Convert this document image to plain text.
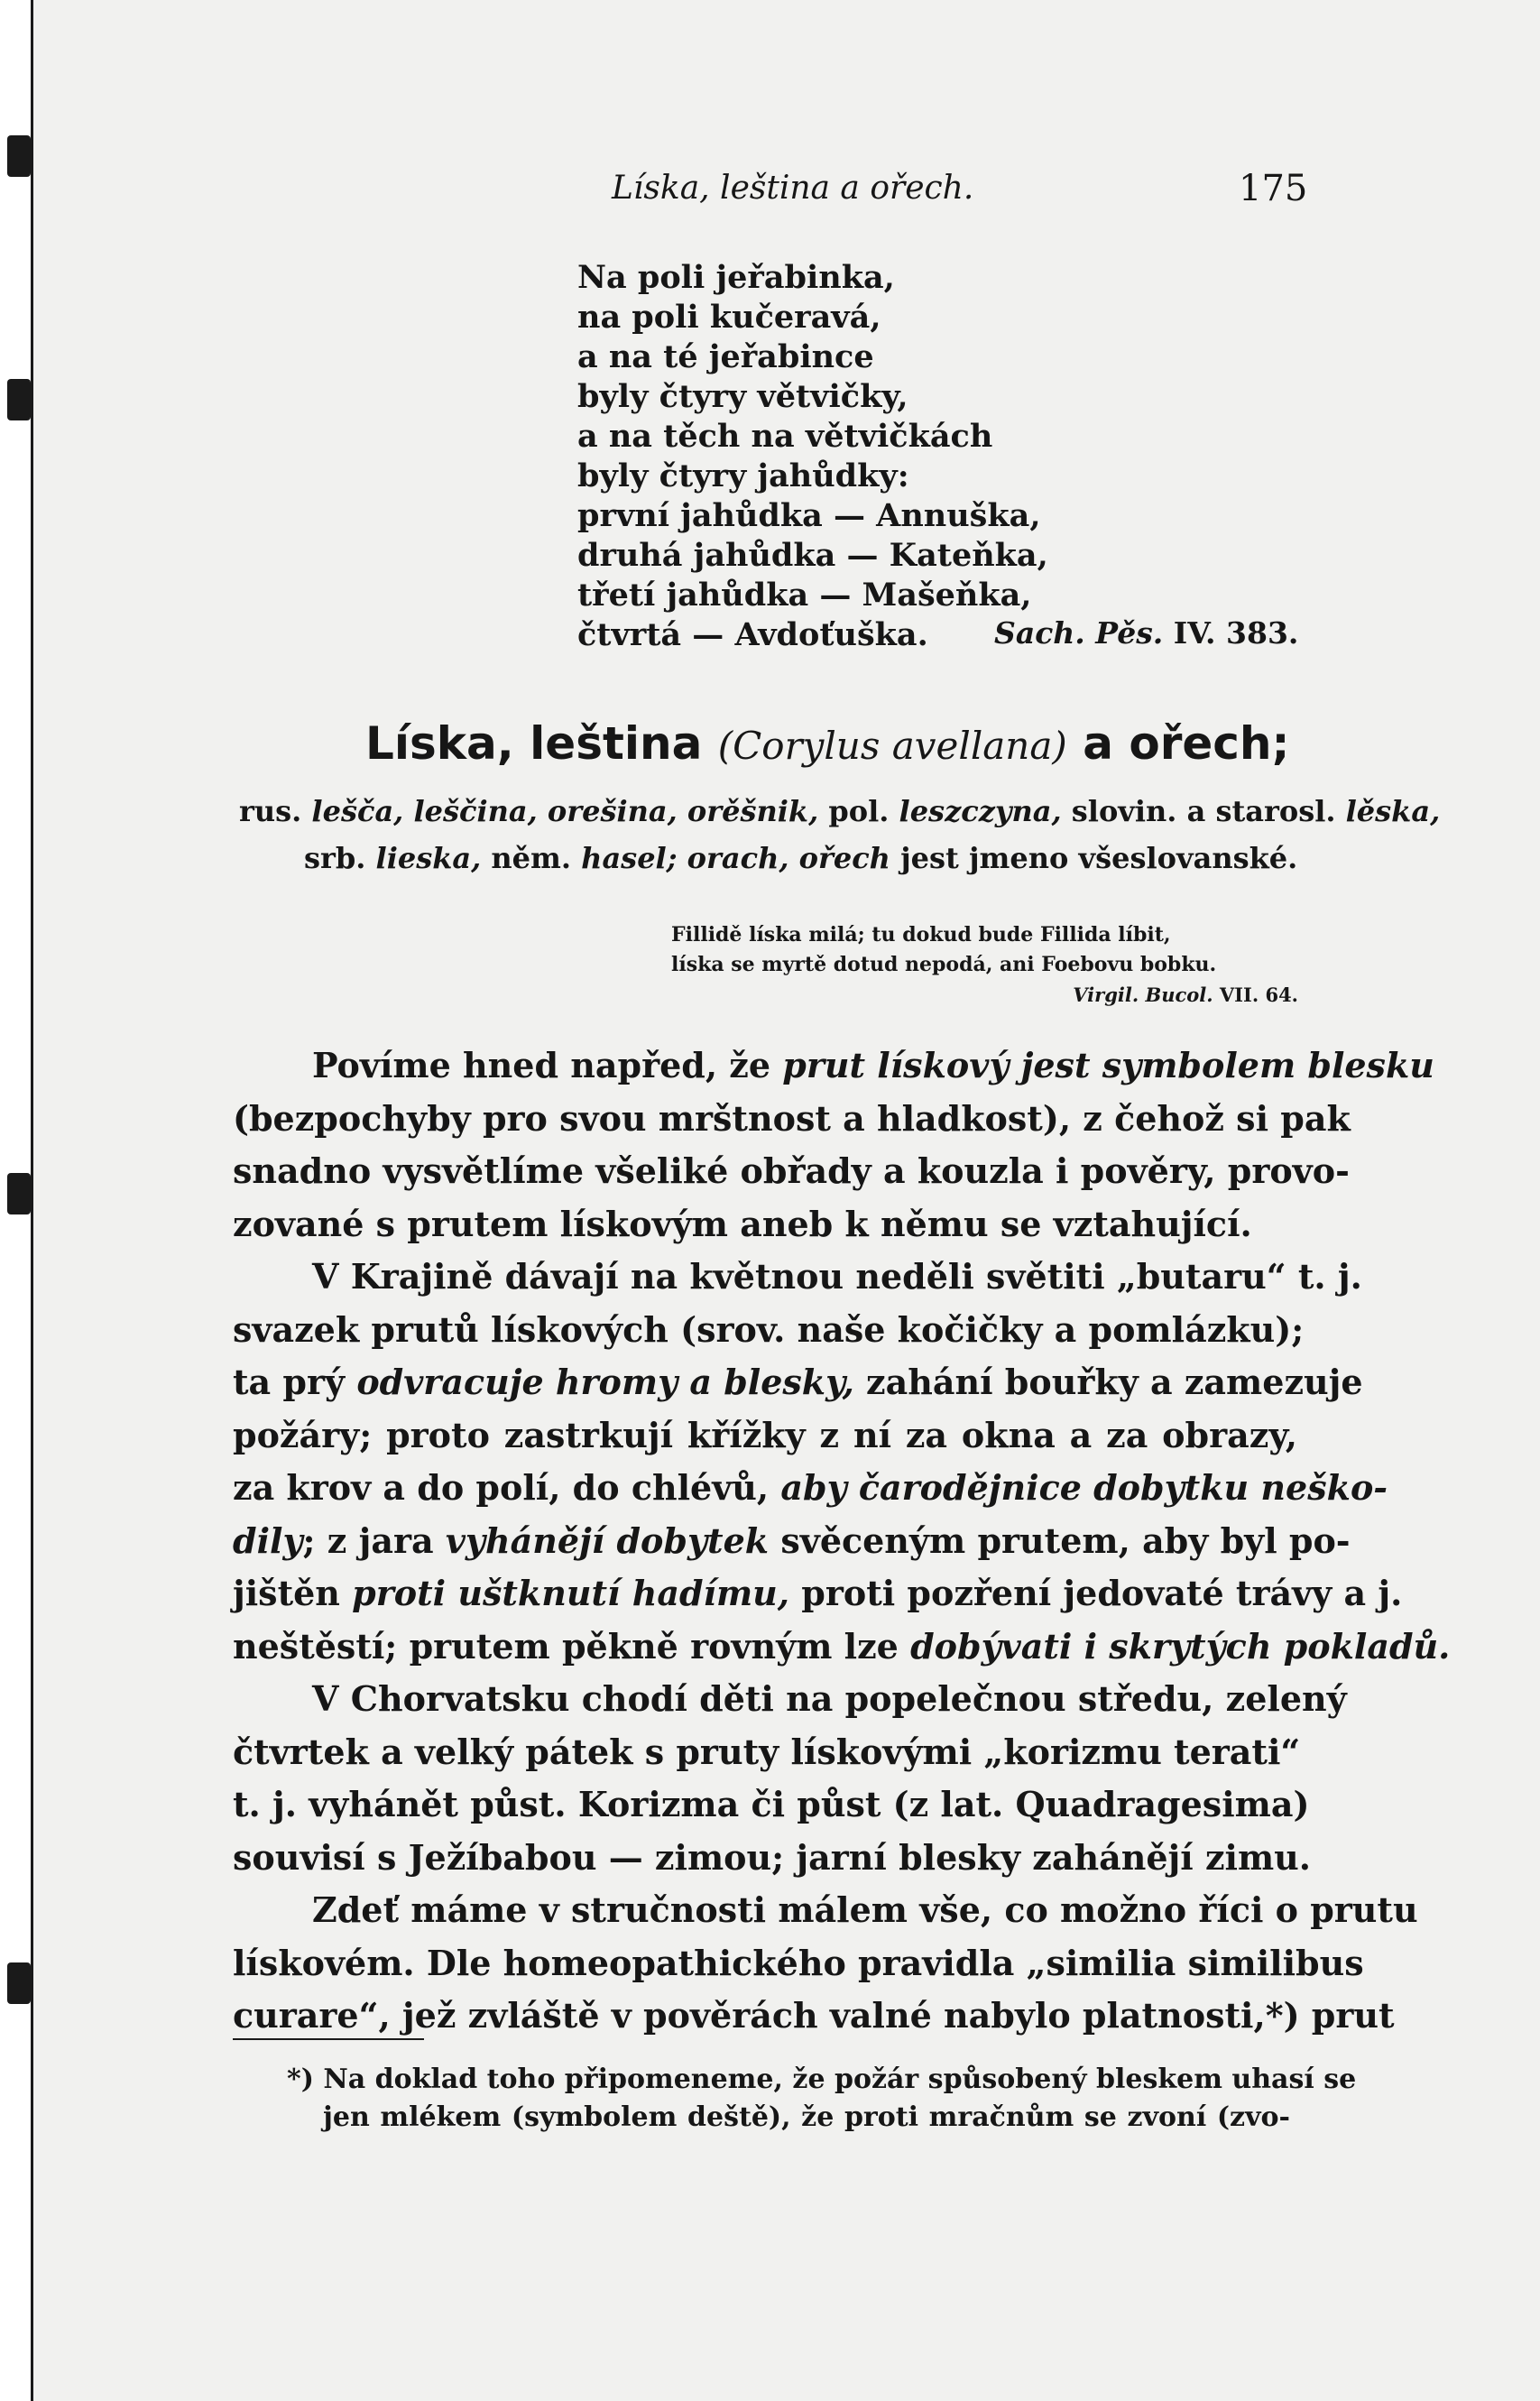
Líska, leština a ořech.	175
Na poli jeřabinka,
na poli kučeravá,
a na té jeřabince
byly čtyry větvičky,
a na těch na větvičkách
byly čtyry jahůdky:
první jahůdka — Annuška,
druhá jahůdka — Kateňka,
třetí jahůdka — Mašeňka,
čtvrtá — Avdoťuška.	Sach. Pěs. IV. 383.
Líska, leština (Corylus avellana) a ořech;
rus. lešča, leščina, orešina, orěšnik, pol. leszczyna, slovin. a starosl. lěska,
srb. lieska, něm. hasel; orach, ořech jest jmeno všeslovanské.
Fillidě líska milá; tu dokud bude Fillida líbit,
líska se myrtě dotud nepodá, ani Foebovu bobku.
Virgil. Bucol. VII. 64.
Povíme hned napřed, že prut lískový jest symbolem blesku
(bezpochyby pro svou mrštnost a hladkost), z čehož si pak
snadno vysvětlíme všeliké obřady a kouzla i pověry, provo-
zované s prutem lískovým aneb k němu se vztahující.
V Krajině dávají na květnou neděli světiti „butaru“ t. j.
svazek prutů lískových (srov. naše kočičky a pomlázku);
ta prý odvracuje hromy a blesky, zahání bouřky a zamezuje
požáry; proto zastrkují křížky z ní za okna a za obrazy,
za krov a do polí, do chlévů, aby čarodějnice dobytku neško-
dily; z jara vyhánějí dobytek svěceným prutem, aby byl po-
jištěn proti uštknutí hadímu, proti pozření jedovaté trávy a j.
neštěstí; prutem pěkně rovným lze dobývati i skrytých pokladů.
V Chorvatsku chodí děti na popelečnou středu, zelený
čtvrtek a velký pátek s pruty lískovými „korizmu terati“
t. j. vyhánět půst. Korizma či půst (z lat. Quadragesima)
souvisí s Ježíbabou — zimou; jarní blesky zahánějí zimu.
Zdeť máme v stručnosti málem vše, co možno říci o prutu
lískovém. Dle homeopathického pravidla „similia similibus
curare“, jež zvláště v pověrách valné nabylo platnosti,*) prut
*) Na doklad toho připomeneme, že požár spůsobený bleskem uhasí se
jen mlékem (symbolem deště), že proti mračnům se zvoní (zvo-
